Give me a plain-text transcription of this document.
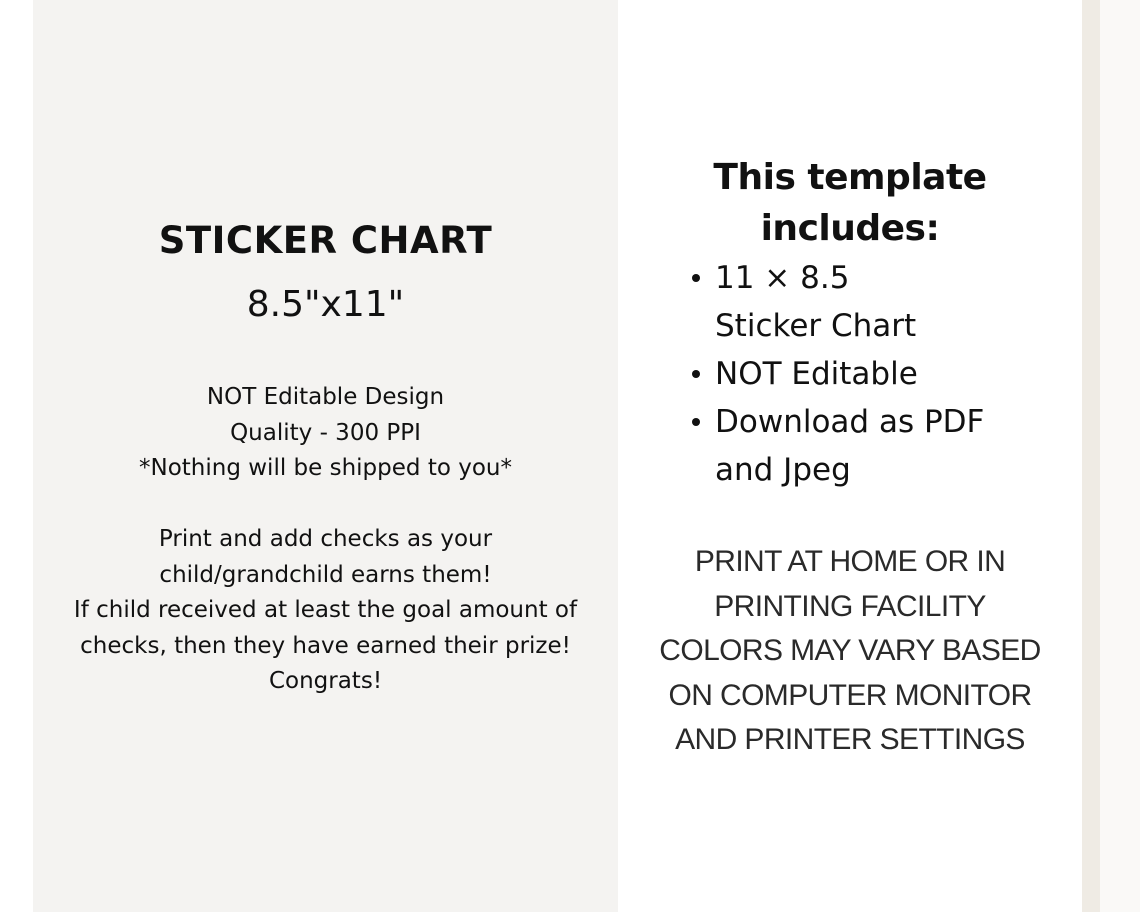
STICKER CHART
8.5"x11"
NOT Editable Design
Quality - 300 PPI
*Nothing will be shipped to you*
Print and add checks as your
child/grandchild earns them!
If child received at least the goal amount of
checks, then they have earned their prize!
Congrats!
This template
includes:
11 × 8.5
Sticker Chart
NOT Editable
Download as PDF
and Jpeg
PRINT AT HOME OR IN
PRINTING FACILITY
COLORS MAY VARY BASED
ON COMPUTER MONITOR
AND PRINTER SETTINGS
